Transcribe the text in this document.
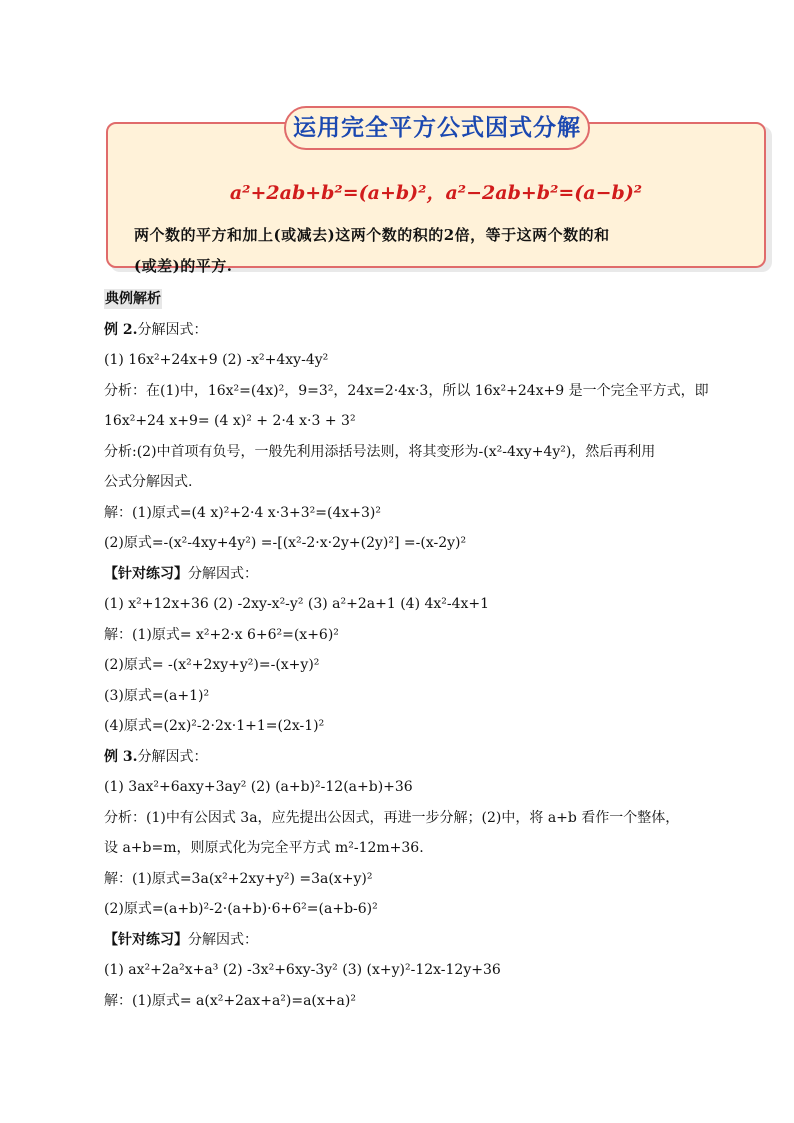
a²+2ab+b²=(a+b)²，a²−2ab+b²=(a−b)²
两个数的平方和加上(或减去)这两个数的积的2倍，等于这两个数的和
(或差)的平方.
运用完全平方公式因式分解
典例解析
例 2.分解因式：
(1) 16x²+24x+9 (2) -x²+4xy-4y²
分析：在(1)中，16x²=(4x)²，9=3²，24x=2·4x·3，所以 16x²+24x+9 是一个完全平方式，即
16x²+24 x+9= (4 x)² + 2·4 x·3 + 3²
分析:(2)中首项有负号，一般先利用添括号法则，将其变形为-(x²-4xy+4y²)，然后再利用
公式分解因式.
解：(1)原式=(4 x)²+2·4 x·3+3²=(4x+3)²
(2)原式=-(x²-4xy+4y²) =-[(x²-2·x·2y+(2y)²] =-(x-2y)²
【针对练习】分解因式：
(1) x²+12x+36 (2) -2xy-x²-y² (3) a²+2a+1 (4) 4x²-4x+1
解：(1)原式= x²+2·x 6+6²=(x+6)²
(2)原式= -(x²+2xy+y²)=-(x+y)²
(3)原式=(a+1)²
(4)原式=(2x)²-2·2x·1+1=(2x-1)²
例 3.分解因式：
(1) 3ax²+6axy+3ay² (2) (a+b)²-12(a+b)+36
分析：(1)中有公因式 3a，应先提出公因式，再进一步分解；(2)中，将 a+b 看作一个整体，
设 a+b=m，则原式化为完全平方式 m²-12m+36.
解：(1)原式=3a(x²+2xy+y²) =3a(x+y)²
(2)原式=(a+b)²-2·(a+b)·6+6²=(a+b-6)²
【针对练习】分解因式：
(1) ax²+2a²x+a³ (2) -3x²+6xy-3y² (3) (x+y)²-12x-12y+36
解：(1)原式= a(x²+2ax+a²)=a(x+a)²
